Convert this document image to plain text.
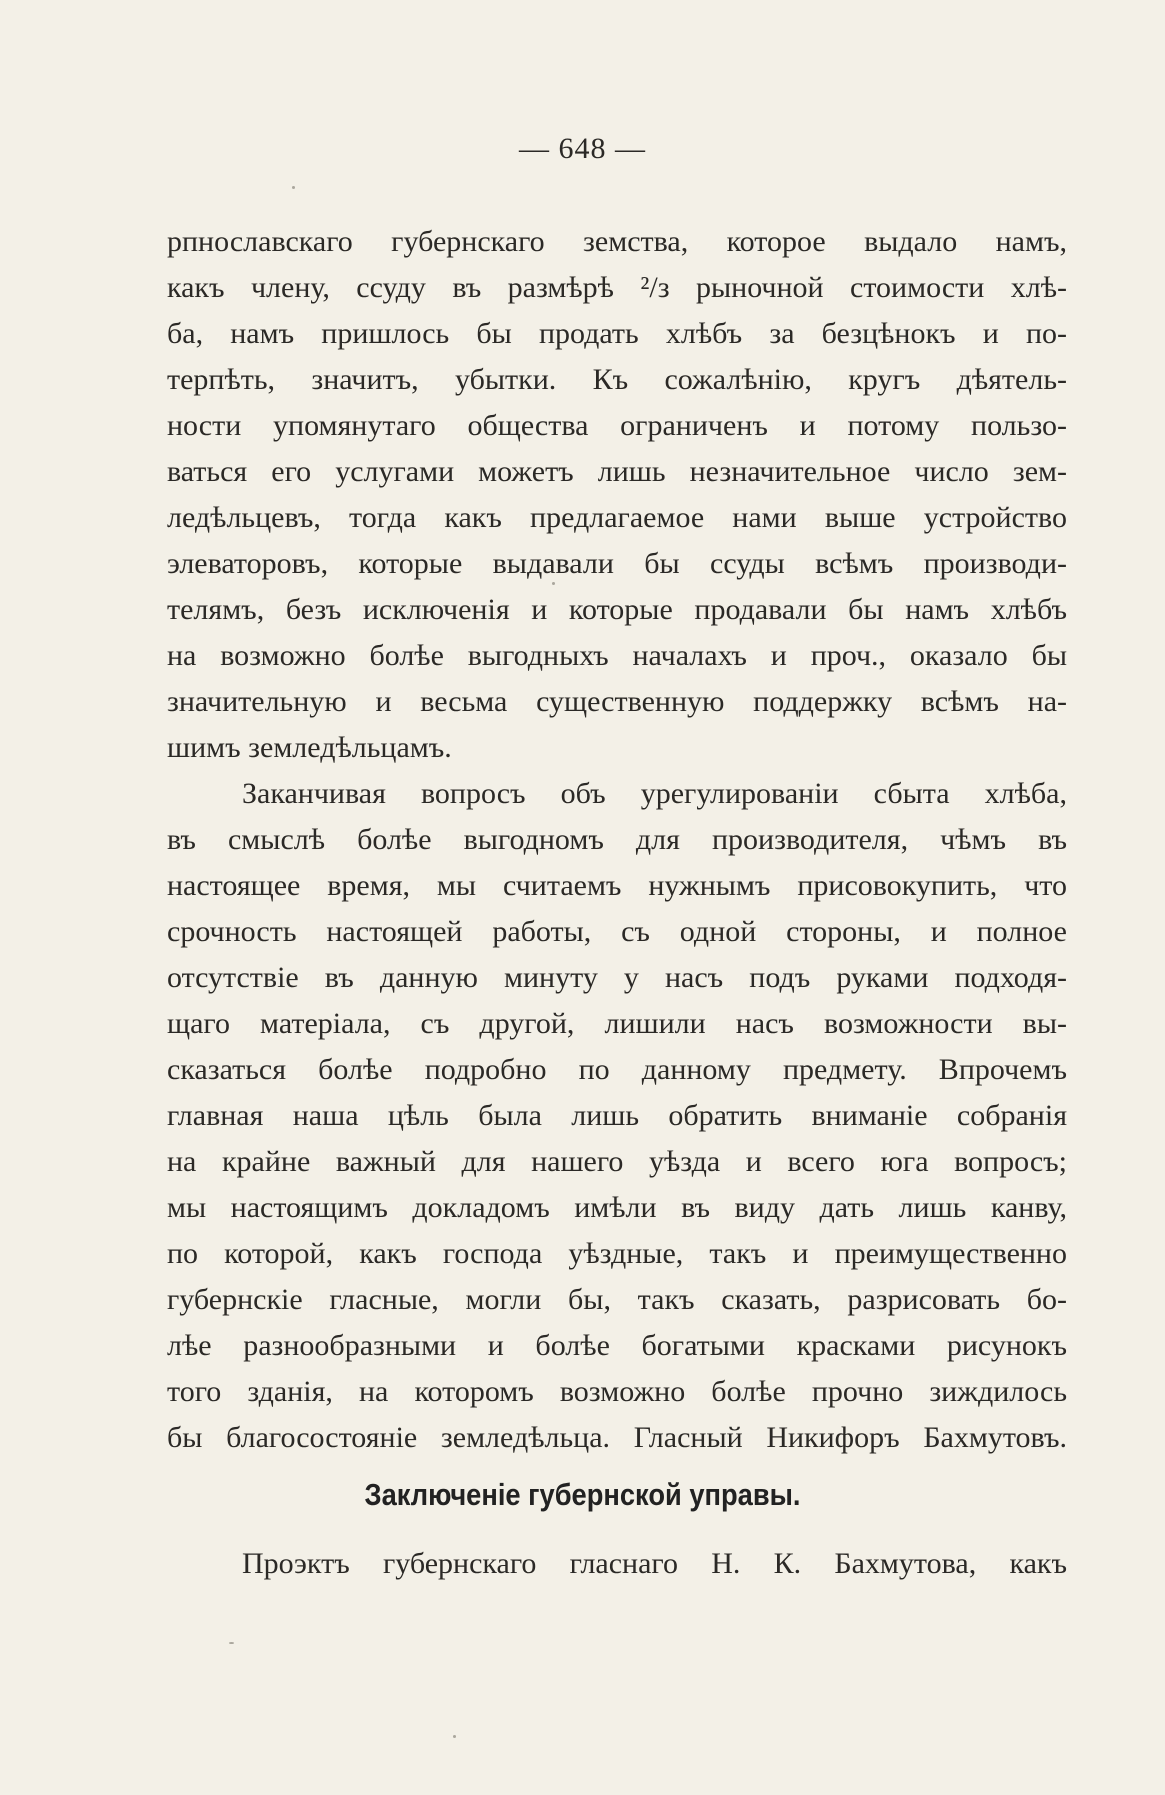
— 648 —

рпнославскаго губернскаго земства, которое выдало намъ,
какъ члену, ссуду въ размѣрѣ ²/з рыночной стоимости хлѣ-
ба, намъ пришлось бы продать хлѣбъ за безцѣнокъ и по-
терпѣть, значитъ, убытки. Къ сожалѣнію, кругъ дѣятель-
ности упомянутаго общества ограниченъ и потому пользо-
ваться его услугами можетъ лишь незначительное число зем-
ледѣльцевъ, тогда какъ предлагаемое нами выше устройство
элеваторовъ, которые выдавали бы ссуды всѣмъ производи-
телямъ, безъ исключенія и которые продавали бы намъ хлѣбъ
на возможно болѣе выгодныхъ началахъ и проч., оказало бы
значительную и весьма существенную поддержку всѣмъ на-
шимъ земледѣльцамъ.
Заканчивая вопросъ объ урегулированіи сбыта хлѣба,
въ смыслѣ болѣе выгодномъ для производителя, чѣмъ въ
настоящее время, мы считаемъ нужнымъ присовокупить, что
срочность настоящей работы, съ одной стороны, и полное
отсутствіе въ данную минуту у насъ подъ руками подходя-
щаго матеріала, съ другой, лишили насъ возможности вы-
сказаться болѣе подробно по данному предмету. Впрочемъ
главная наша цѣль была лишь обратить вниманіе собранія
на крайне важный для нашего уѣзда и всего юга вопросъ;
мы настоящимъ докладомъ имѣли въ виду дать лишь канву,
по которой, какъ господа уѣздные, такъ и преимущественно
губернскіе гласные, могли бы, такъ сказать, разрисовать бо-
лѣе разнообразными и болѣе богатыми красками рисунокъ
того зданія, на которомъ возможно болѣе прочно зиждилось
бы благосостояніе земледѣльца. Гласный Никифоръ Бахмутовъ.
Заключеніе губернской управы.
Проэктъ губернскаго гласнаго Н. К. Бахмутова, какъ
